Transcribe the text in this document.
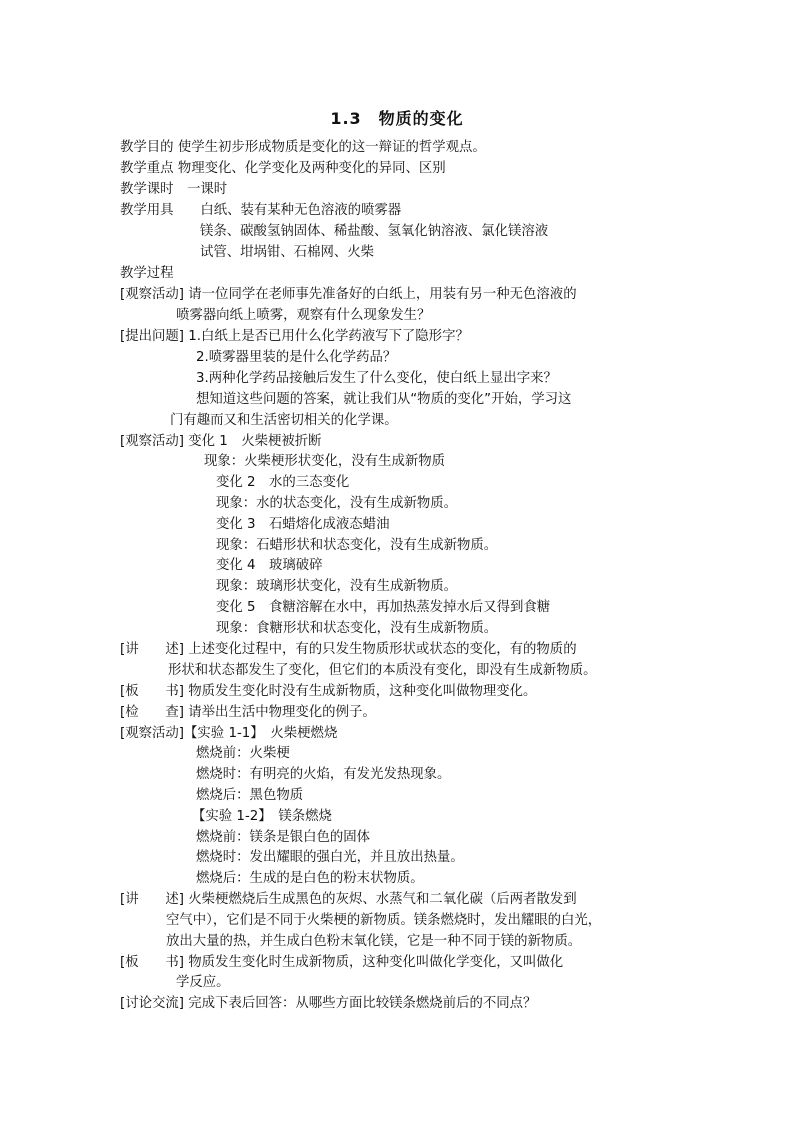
1.3　物质的变化
教学目的 使学生初步形成物质是变化的这一辩证的哲学观点。
教学重点 物理变化、化学变化及两种变化的异同、区别
教学课时　一课时
教学用具　　白纸、装有某种无色溶液的喷雾器
镁条、碳酸氢钠固体、稀盐酸、氢氧化钠溶液、氯化镁溶液
试管、坩埚钳、石棉网、火柴
教学过程
[观察活动] 请一位同学在老师事先准备好的白纸上，用装有另一种无色溶液的
喷雾器向纸上喷雾，观察有什么现象发生？
[提出问题] 1.白纸上是否已用什么化学药液写下了隐形字？
2.喷雾器里装的是什么化学药品？
3.两种化学药品接触后发生了什么变化，使白纸上显出字来？
想知道这些问题的答案，就让我们从“物质的变化”开始，学习这
门有趣而又和生活密切相关的化学课。
[观察活动] 变化 1　火柴梗被折断
现象：火柴梗形状变化，没有生成新物质
变化 2　水的三态变化
现象：水的状态变化，没有生成新物质。
变化 3　石蜡熔化成液态蜡油
现象：石蜡形状和状态变化，没有生成新物质。
变化 4　玻璃破碎
现象：玻璃形状变化，没有生成新物质。
变化 5　食糖溶解在水中，再加热蒸发掉水后又得到食糖
现象：食糖形状和状态变化，没有生成新物质。
[讲　　述] 上述变化过程中，有的只发生物质形状或状态的变化，有的物质的
形状和状态都发生了变化，但它们的本质没有变化，即没有生成新物质。
[板　　书] 物质发生变化时没有生成新物质，这种变化叫做物理变化。
[检　　查] 请举出生活中物理变化的例子。
[观察活动]【实验 1-1】　火柴梗燃烧
燃烧前：火柴梗
燃烧时：有明亮的火焰，有发光发热现象。
燃烧后：黑色物质
【实验 1-2】　镁条燃烧
燃烧前：镁条是银白色的固体
燃烧时：发出耀眼的强白光，并且放出热量。
燃烧后：生成的是白色的粉末状物质。
[讲　　述] 火柴梗燃烧后生成黑色的灰烬、水蒸气和二氧化碳（后两者散发到
空气中），它们是不同于火柴梗的新物质。镁条燃烧时，发出耀眼的白光，
放出大量的热，并生成白色粉末氧化镁，它是一种不同于镁的新物质。
[板　　书] 物质发生变化时生成新物质，这种变化叫做化学变化，又叫做化
学反应。
[讨论交流] 完成下表后回答：从哪些方面比较镁条燃烧前后的不同点？
